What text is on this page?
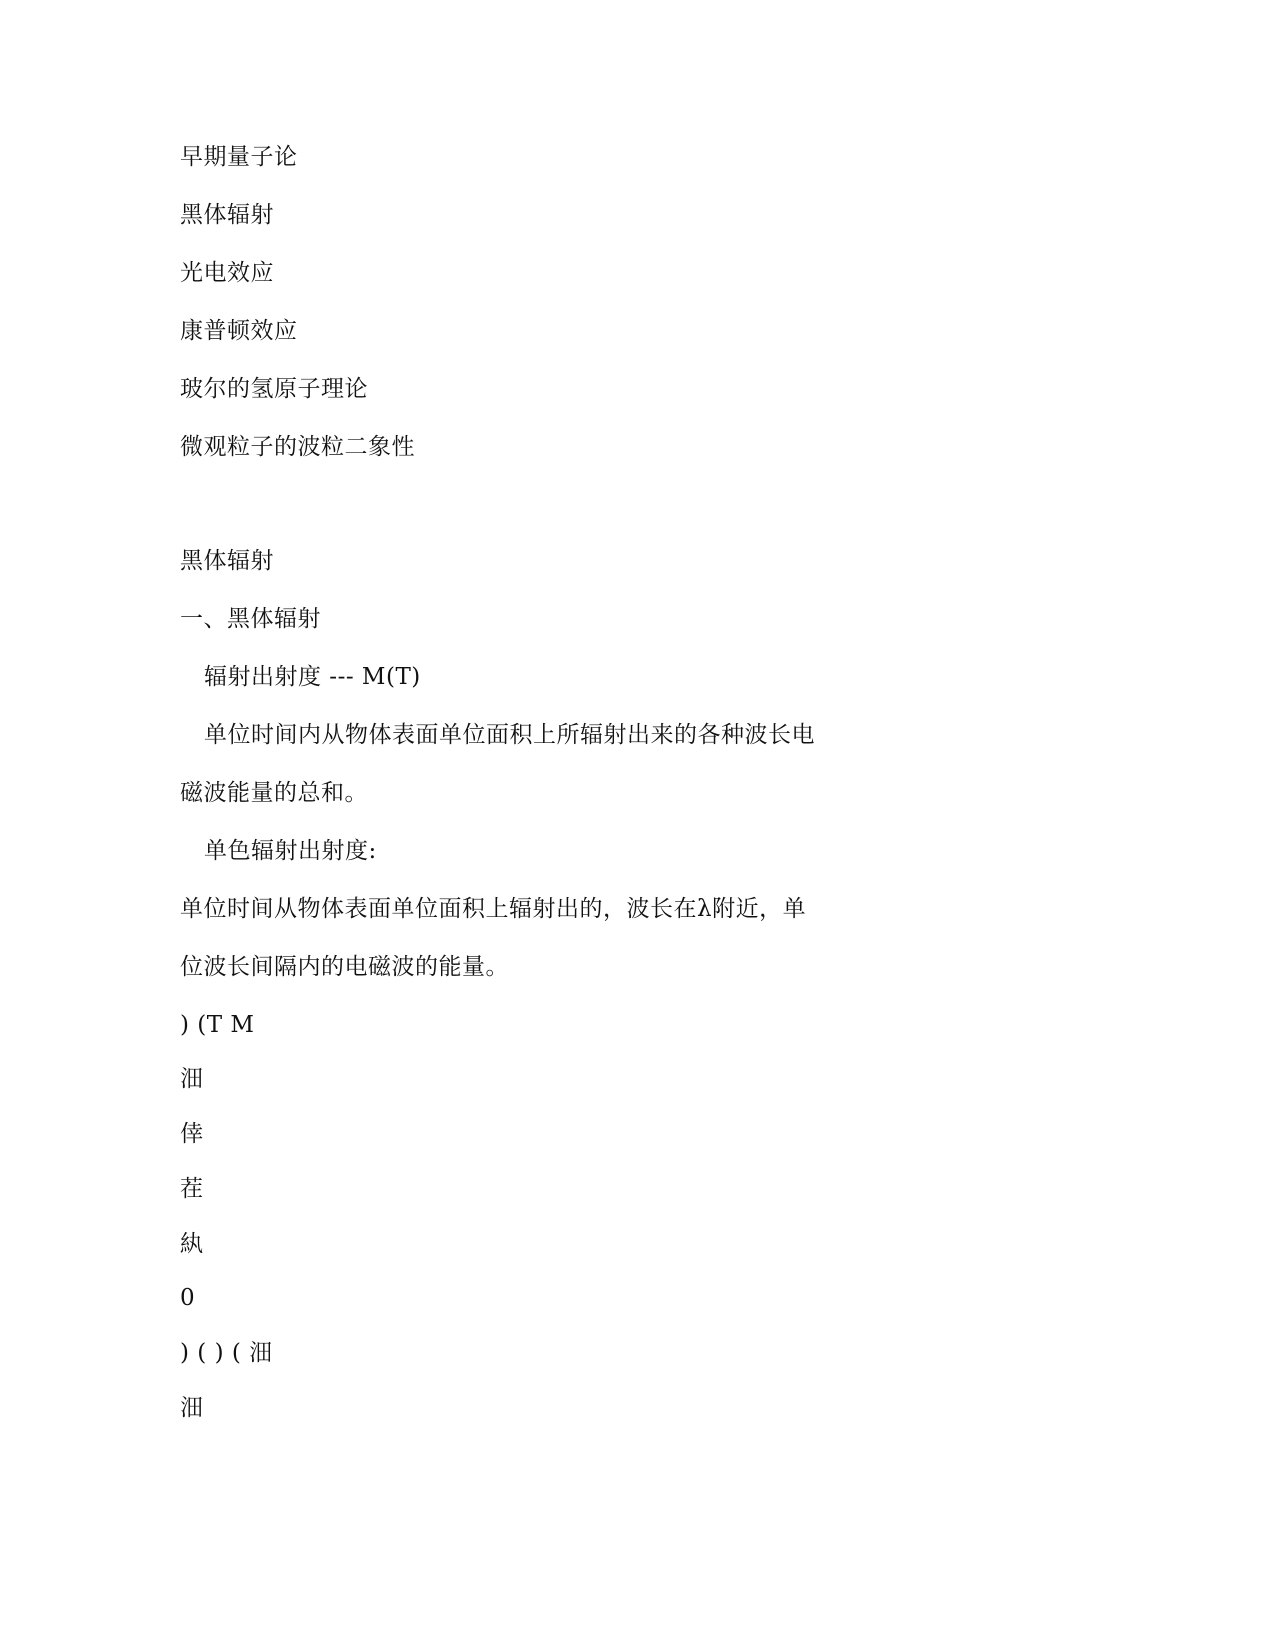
早期量子论
黑体辐射
光电效应
康普顿效应
玻尔的氢原子理论
微观粒子的波粒二象性
黑体辐射
一、黑体辐射
辐射出射度 --- M(T)
单位时间内从物体表面单位面积上所辐射出来的各种波长电
磁波能量的总和。
单色辐射出射度:
单位时间从物体表面单位面积上辐射出的，波长在λ附近，单
位波长间隔内的电磁波的能量。
) (T M
沺
倖
茬
紈
0
) ( ) ( 沺
沺
